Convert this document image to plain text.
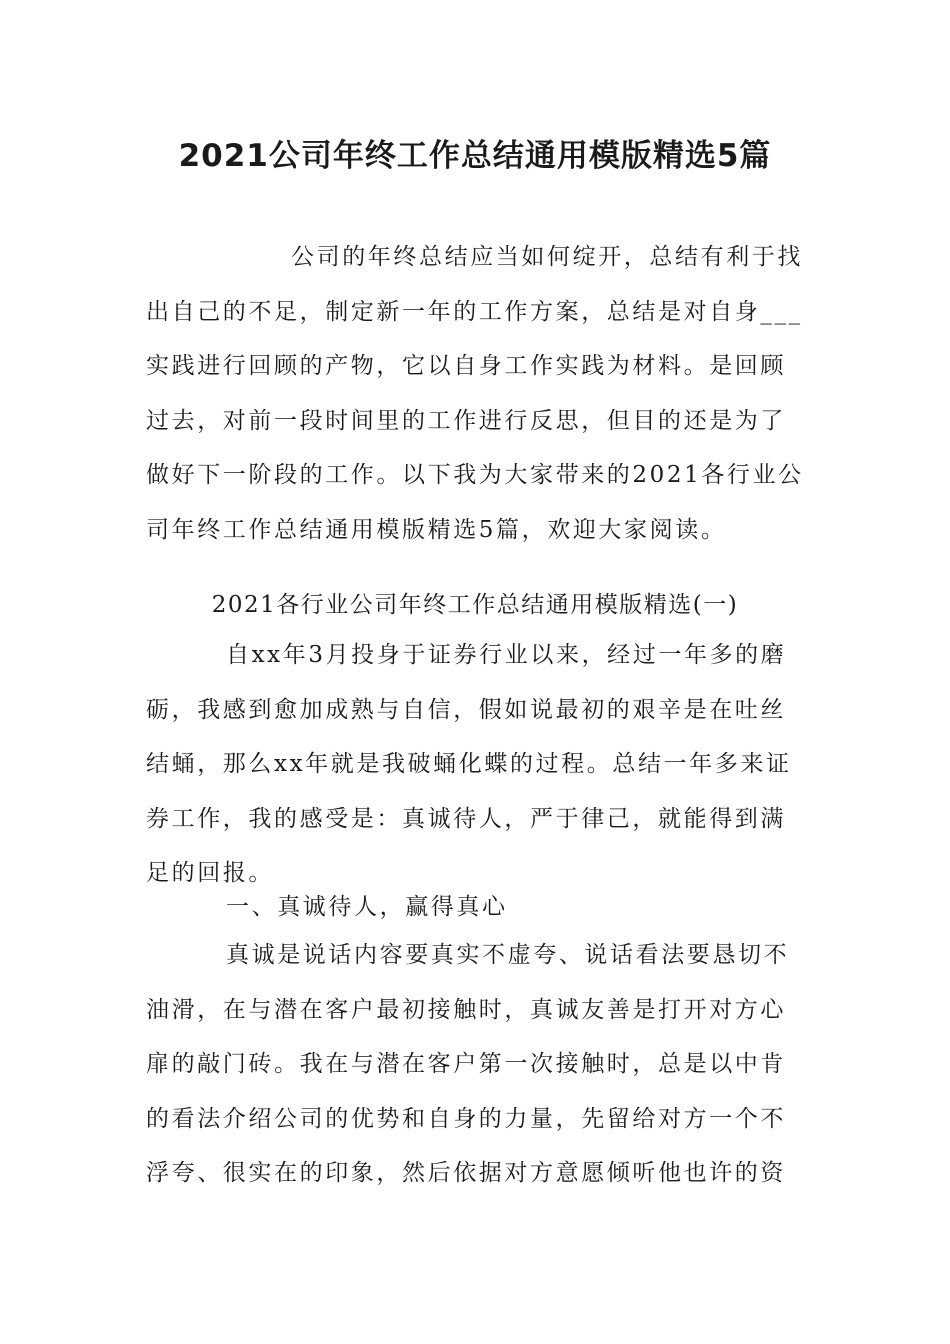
2021公司年终工作总结通用模版精选5篇
公司的年终总结应当如何绽开，总结有利于找
出自己的不足，制定新一年的工作方案，总结是对自身___
实践进行回顾的产物，它以自身工作实践为材料。是回顾
过去，对前一段时间里的工作进行反思，但目的还是为了
做好下一阶段的工作。以下我为大家带来的2021各行业公
司年终工作总结通用模版精选5篇，欢迎大家阅读。
2021各行业公司年终工作总结通用模版精选(一)
自xx年3月投身于证券行业以来，经过一年多的磨
砺，我感到愈加成熟与自信，假如说最初的艰辛是在吐丝
结蛹，那么xx年就是我破蛹化蝶的过程。总结一年多来证
券工作，我的感受是：真诚待人，严于律己，就能得到满
足的回报。
一、真诚待人，赢得真心
真诚是说话内容要真实不虚夸、说话看法要恳切不
油滑，在与潜在客户最初接触时，真诚友善是打开对方心
扉的敲门砖。我在与潜在客户第一次接触时，总是以中肯
的看法介绍公司的优势和自身的力量，先留给对方一个不
浮夸、很实在的印象，然后依据对方意愿倾听他也许的资
